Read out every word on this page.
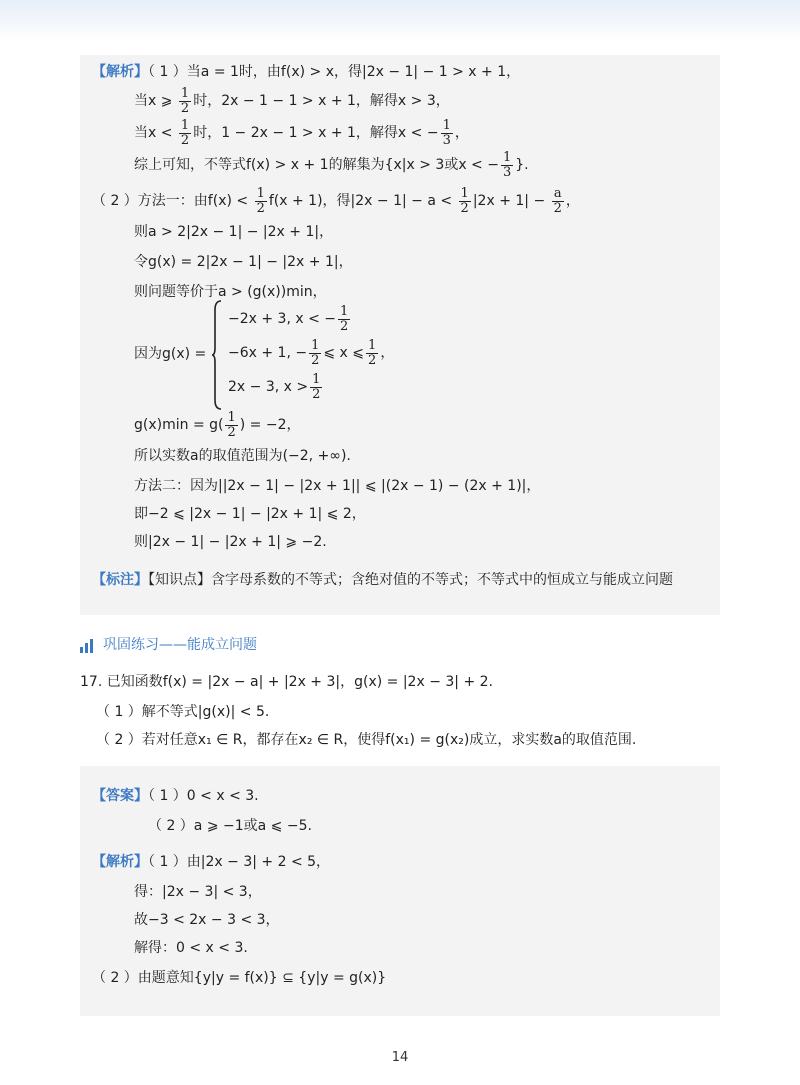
【解析】（ 1 ）当a = 1时，由f(x) > x，得|2x − 1| − 1 > x + 1，
当x ⩾ $\frac{1}{2}$ 时，2x − 1 − 1 > x + 1，解得x > 3，
当$x < \frac{1}{2}$ 时，1 − 2x − 1 > x + 1，解得x < − $\frac{1}{3}$ ，
综上可知，不等式f(x) > x + 1的解集为{x|x > 3或x < − $\frac{1}{3}$ }.
（ 2 ）方法一：由$f(x) < \frac{1}{2} f(x + 1)$，得$|2x - 1| - a < \frac{1}{2} |2x + 1| - \frac{a}{2}$ ，
则a > 2|2x − 1| − |2x + 1|，
令g(x) = 2|2x − 1| − |2x + 1|，
则问题等价于a > (g(x))min，
因为g(x) =
−2x + 3, x < − $\frac{1}{2}$
−6x + 1, − $\frac{1}{2}$ ⩽ x ⩽ $\frac{1}{2}$ ，
2x − 3, $x > \frac{1}{2}$
$g(x)\min = g( \frac{1}{2}$ ) = −2，
所以实数a的取值范围为(−2, +∞).
方法二：因为||2x − 1| − |2x + 1|| ⩽ |(2x − 1) − (2x + 1)|，
即−2 ⩽ |2x − 1| − |2x + 1| ⩽ 2，
则|2x − 1| − |2x + 1| ⩾ −2.
【标注】【知识点】含字母系数的不等式；含绝对值的不等式；不等式中的恒成立与能成立问题
巩固练习——能成立问题
17. 已知函数f(x) = |2x − a| + |2x + 3|，g(x) = |2x − 3| + 2.
（ 1 ）解不等式|g(x)| < 5.
（ 2 ）若对任意x₁ ∈ R，都存在x₂ ∈ R，使得f(x₁) = g(x₂)成立，求实数a的取值范围.
【答案】（ 1 ）0 < x < 3.
（ 2 ）a ⩾ −1或a ⩽ −5.
【解析】（ 1 ）由|2x − 3| + 2 < 5，
得：|2x − 3| < 3，
故−3 < 2x − 3 < 3，
解得：0 < x < 3.
（ 2 ）由题意知{y|y = f(x)} ⊆ {y|y = g(x)}
14
